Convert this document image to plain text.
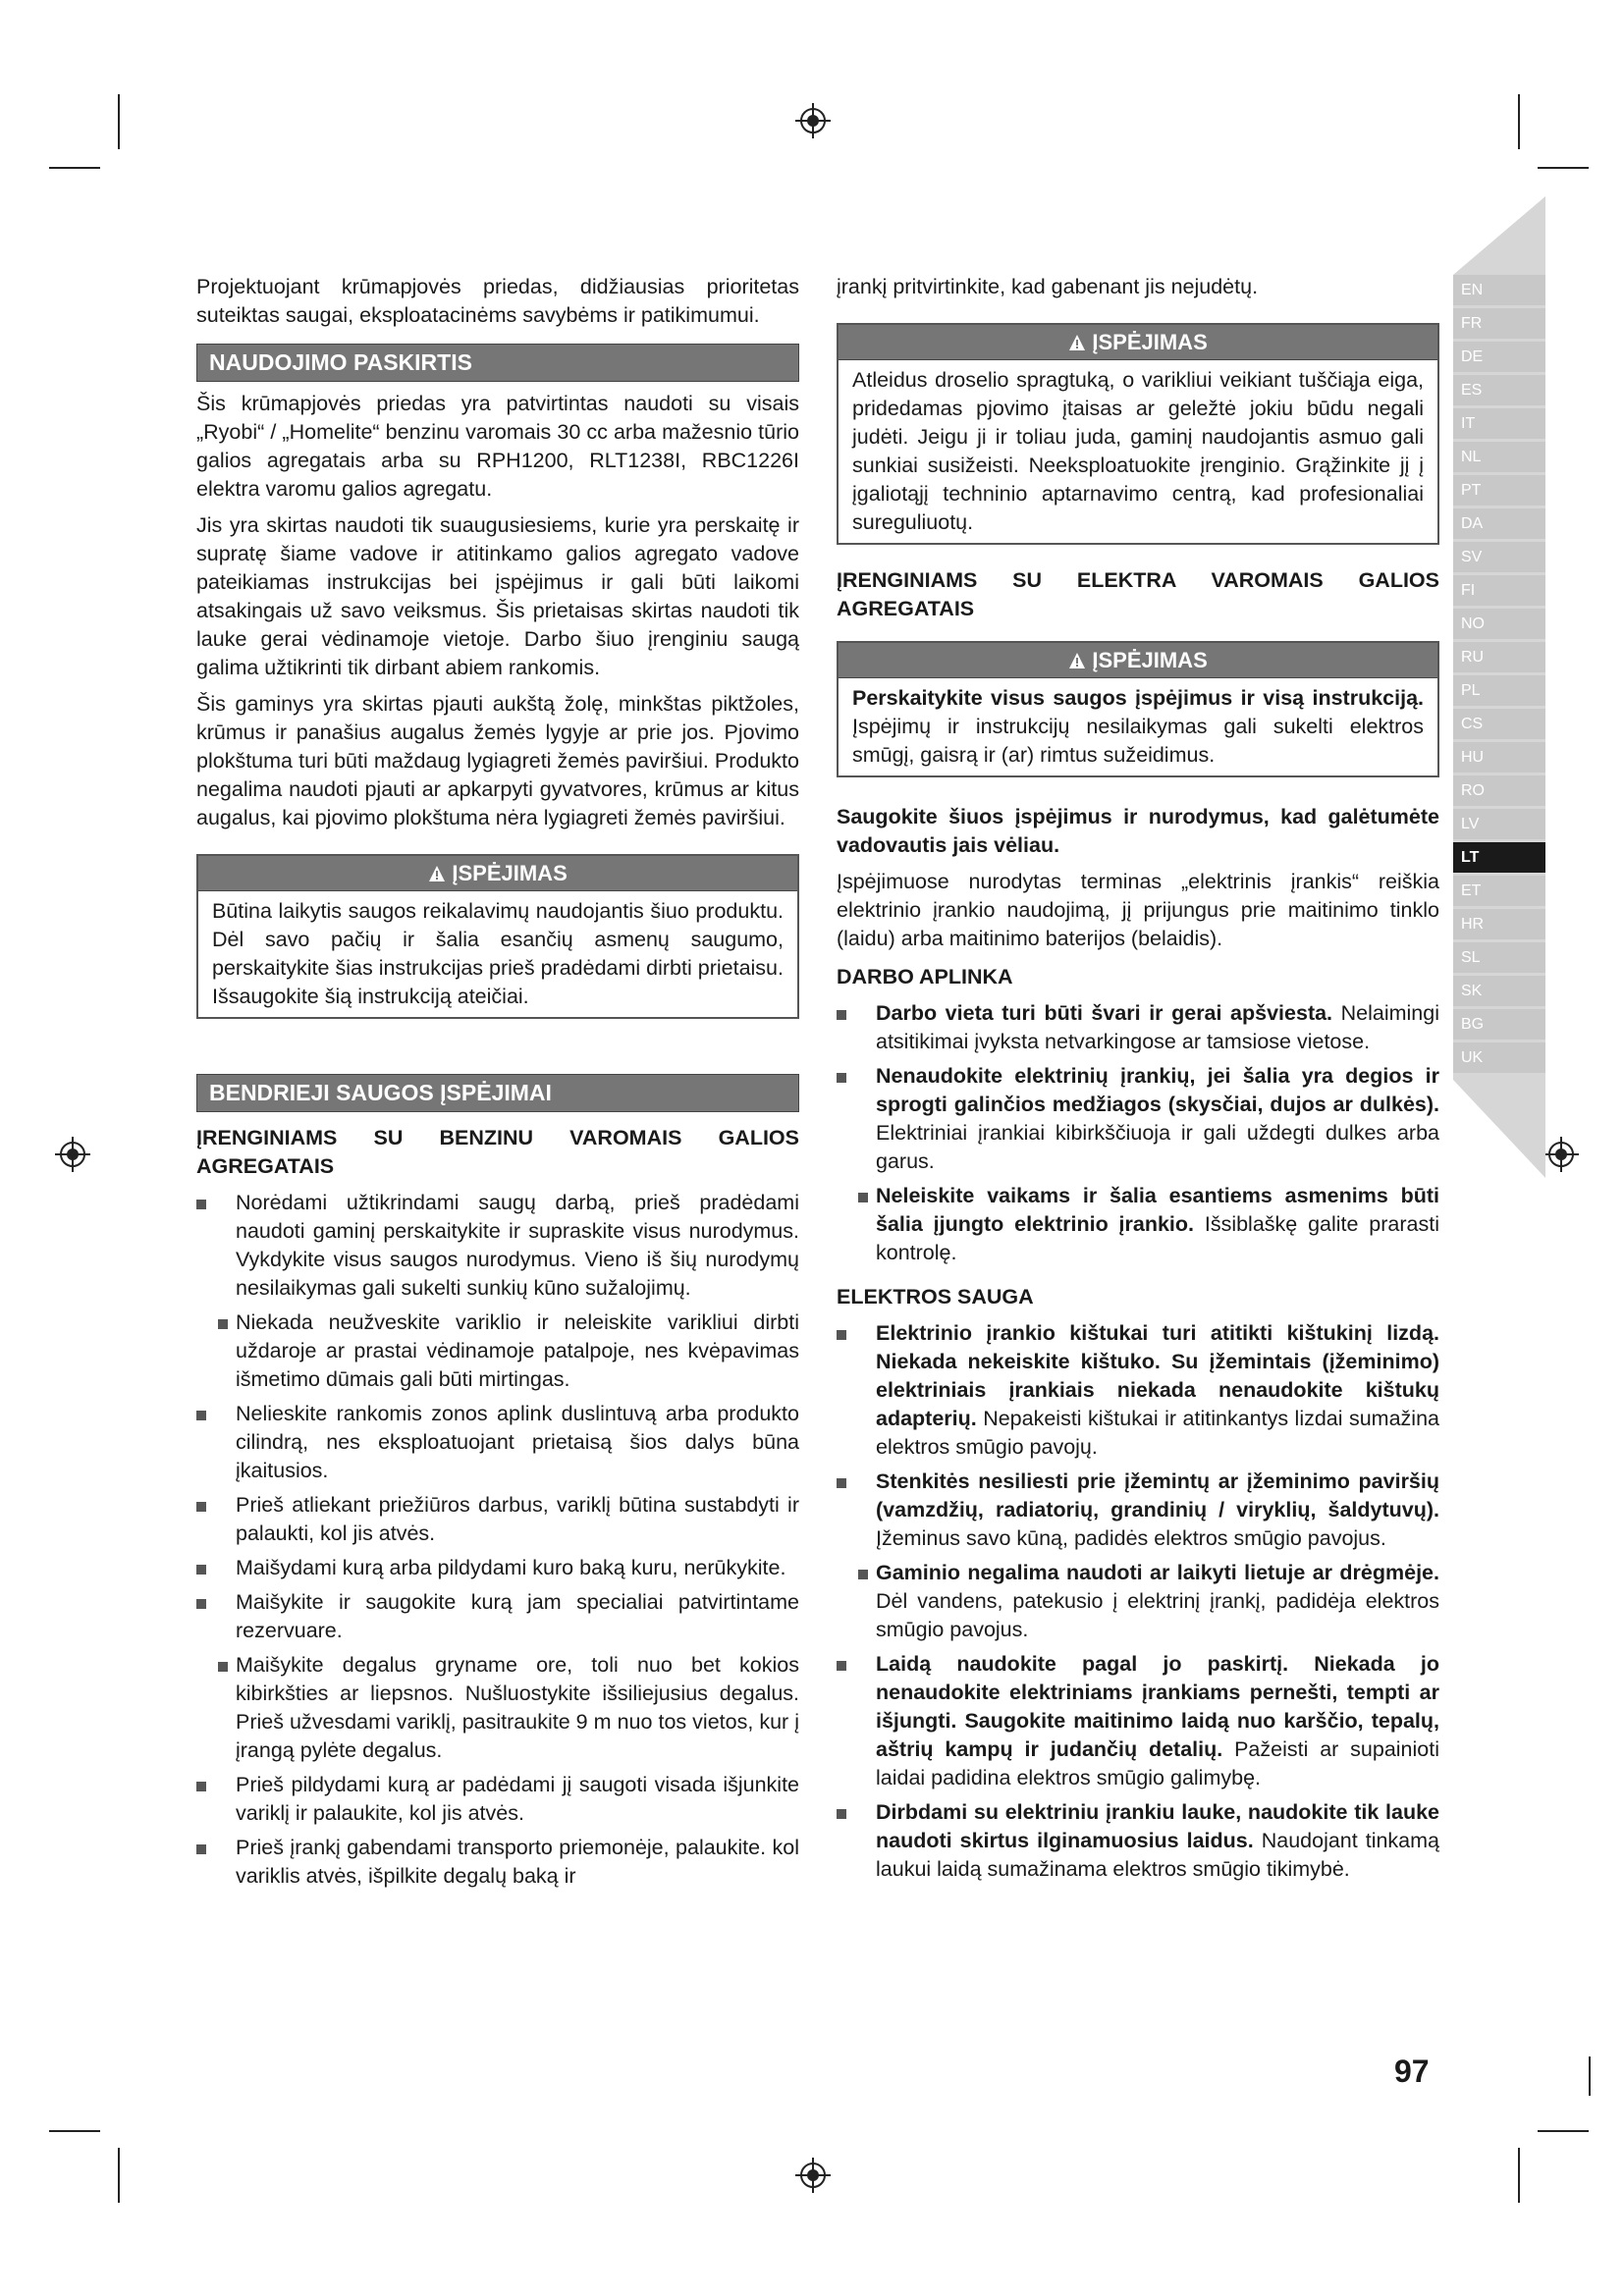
Projektuojant krūmapjovės priedas, didžiausias prioritetas suteiktas saugai, eksploatacinėms savybėms ir patikimumui.

NAUDOJIMO PASKIRTIS

Šis krūmapjovės priedas yra patvirtintas naudoti su visais „Ryobi“ / „Homelite“ benzinu varomais 30 cc arba mažesnio tūrio galios agregatais arba su RPH1200, RLT1238I, RBC1226I elektra varomu galios agregatu.

Jis yra skirtas naudoti tik suaugusiesiems, kurie yra perskaitę ir supratę šiame vadove ir atitinkamo galios agregato vadove pateikiamas instrukcijas bei įspėjimus ir gali būti laikomi atsakingais už savo veiksmus. Šis prietaisas skirtas naudoti tik lauke gerai vėdinamoje vietoje. Darbo šiuo įrenginiu saugą galima užtikrinti tik dirbant abiem rankomis.

Šis gaminys yra skirtas pjauti aukštą žolę, minkštas piktžoles, krūmus ir panašius augalus žemės lygyje ar prie jos. Pjovimo plokštuma turi būti maždaug lygiagreti žemės paviršiui. Produkto negalima naudoti pjauti ar apkarpyti gyvatvores, krūmus ar kitus augalus, kai pjovimo plokštuma nėra lygiagreti žemės paviršiui.

ĮSPĖJIMAS
Būtina laikytis saugos reikalavimų naudojantis šiuo produktu. Dėl savo pačių ir šalia esančių asmenų saugumo, perskaitykite šias instrukcijas prieš pradėdami dirbti prietaisu. Išsaugokite šią instrukciją ateičiai.
BENDRIEJI SAUGOS ĮSPĖJIMAI

ĮRENGINIAMS SU BENZINU VAROMAIS GALIOS AGREGATAIS

Norėdami užtikrindami saugų darbą, prieš pradėdami naudoti gaminį perskaitykite ir supraskite visus nurodymus. Vykdykite visus saugos nurodymus. Vieno iš šių nurodymų nesilaikymas gali sukelti sunkių kūno sužalojimų.
Niekada neužveskite variklio ir neleiskite varikliui dirbti uždaroje ar prastai vėdinamoje patalpoje, nes kvėpavimas išmetimo dūmais gali būti mirtingas.
Nelieskite rankomis zonos aplink duslintuvą arba produkto cilindrą, nes eksploatuojant prietaisą šios dalys būna įkaitusios.
Prieš atliekant priežiūros darbus, variklį būtina sustabdyti ir palaukti, kol jis atvės.
Maišydami kurą arba pildydami kuro baką kuru, nerūkykite.
Maišykite ir saugokite kurą jam specialiai patvirtintame rezervuare.
Maišykite degalus gryname ore, toli nuo bet kokios kibirkšties ar liepsnos. Nušluostykite išsiliejusius degalus. Prieš užvesdami variklį, pasitraukite 9 m nuo tos vietos, kur į įrangą pylėte degalus.
Prieš pildydami kurą ar padėdami jį saugoti visada išjunkite variklį ir palaukite, kol jis atvės.
Prieš įrankį gabendami transporto priemonėje, palaukite. kol variklis atvės, išpilkite degalų baką ir

įrankį pritvirtinkite, kad gabenant jis nejudėtų.

ĮSPĖJIMAS
Atleidus droselio spragtuką, o varikliui veikiant tuščiąja eiga, pridedamas pjovimo įtaisas ar geležtė jokiu būdu negali judėti. Jeigu ji ir toliau juda, gaminį naudojantis asmuo gali sunkiai susižeisti. Neeksploatuokite įrenginio. Grąžinkite jį į įgaliotąjį techninio aptarnavimo centrą, kad profesionaliai sureguliuotų.

ĮRENGINIAMS SU ELEKTRA VAROMAIS GALIOS AGREGATAIS

ĮSPĖJIMAS
Perskaitykite visus saugos įspėjimus ir visą instrukciją. Įspėjimų ir instrukcijų nesilaikymas gali sukelti elektros smūgį, gaisrą ir (ar) rimtus sužeidimus.

Saugokite šiuos įspėjimus ir nurodymus, kad galėtumėte vadovautis jais vėliau.

Įspėjimuose nurodytas terminas „elektrinis įrankis“ reiškia elektrinio įrankio naudojimą, jį prijungus prie maitinimo tinklo (laidu) arba maitinimo baterijos (belaidis).

DARBO APLINKA

Darbo vieta turi būti švari ir gerai apšviesta. Nelaimingi atsitikimai įvyksta netvarkingose ar tamsiose vietose.
Nenaudokite elektrinių įrankių, jei šalia yra degios ir sprogti galinčios medžiagos (skysčiai, dujos ar dulkės). Elektriniai įrankiai kibirkščiuoja ir gali uždegti dulkes arba garus.
Neleiskite vaikams ir šalia esantiems asmenims būti šalia įjungto elektrinio įrankio. Išsiblaškę galite prarasti kontrolę.

ELEKTROS SAUGA

Elektrinio įrankio kištukai turi atitikti kištukinį lizdą. Niekada nekeiskite kištuko. Su įžemintais (įžeminimo) elektriniais įrankiais niekada nenaudokite kištukų adapterių. Nepakeisti kištukai ir atitinkantys lizdai sumažina elektros smūgio pavojų.
Stenkitės nesiliesti prie įžemintų ar įžeminimo paviršių (vamzdžių, radiatorių, grandinių / viryklių, šaldytuvų). Įžeminus savo kūną, padidės elektros smūgio pavojus.
Gaminio negalima naudoti ar laikyti lietuje ar drėgmėje. Dėl vandens, patekusio į elektrinį įrankį, padidėja elektros smūgio pavojus.
Laidą naudokite pagal jo paskirtį. Niekada jo nenaudokite elektriniams įrankiams pernešti, tempti ar išjungti. Saugokite maitinimo laidą nuo karščio, tepalų, aštrių kampų ir judančių detalių. Pažeisti ar supainioti laidai padidina elektros smūgio galimybę.
Dirbdami su elektriniu įrankiu lauke, naudokite tik lauke naudoti skirtus ilginamuosius laidus. Naudojant tinkamą laukui laidą sumažinama elektros smūgio tikimybė.
EN
FR
DE
ES
IT
NL
PT
DA
SV
FI
NO
RU
PL
CS
HU
RO
LV
LT
ET
HR
SL
SK
BG
UK
97
